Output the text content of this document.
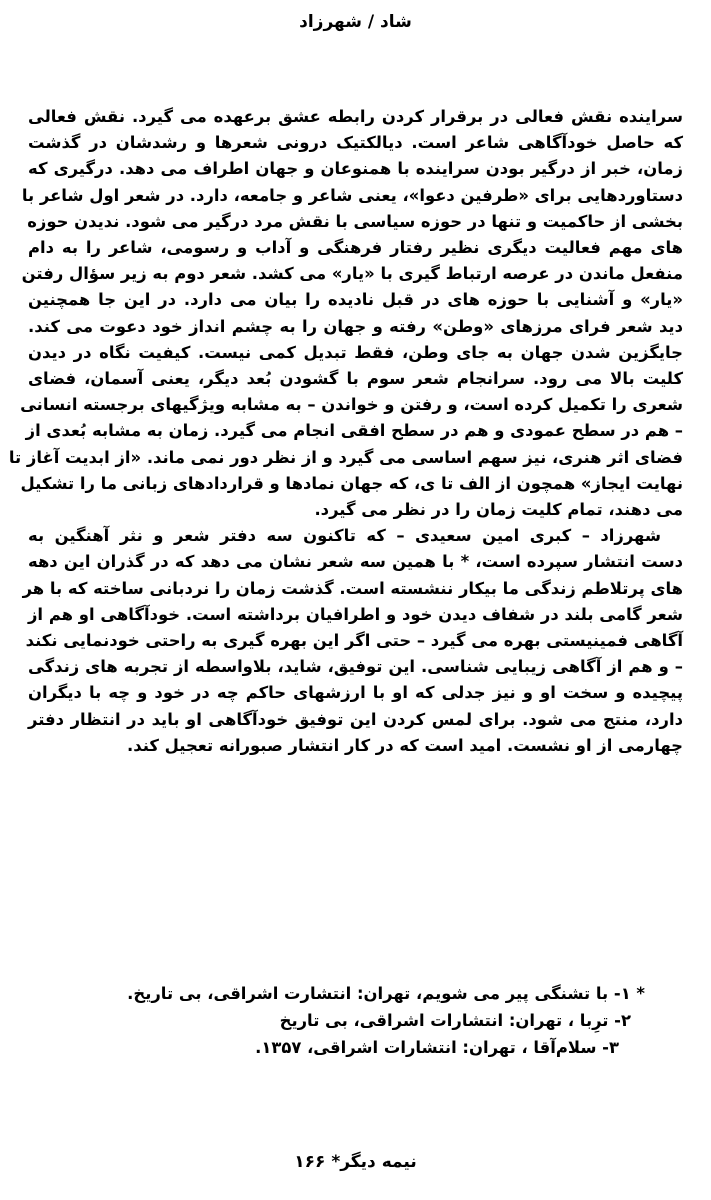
شاد / شهرزاد
سراینده نقش فعالی در برقرار کردن رابطه عشق برعهده می گیرد. نقش فعالی
که حاصل خودآگاهی شاعر است. دیالکتیک درونی شعرها و رشدشان در گذشت
زمان، خبر از درگیر بودن سراینده با همنوعان و جهان اطراف می دهد. درگیری که
دستاوردهایی برای «طرفین دعوا»، یعنی شاعر و جامعه، دارد. در شعر اول شاعر با
بخشی از حاکمیت و تنها در حوزه سیاسی با نقش مرد درگیر می شود. ندیدن حوزه
های مهم فعالیت دیگری نظیر رفتار فرهنگی و آداب و رسومی، شاعر را به دام
منفعل ماندن در عرصه ارتباط گیری با «یار» می کشد. شعر دوم به زیر سؤال رفتن
«یار» و آشنایی با حوزه های در قبل نادیده را بیان می دارد. در این جا همچنین
دید شعر فرای مرزهای «وطن» رفته و جهان را به چشم انداز خود دعوت می کند.
جایگزین شدن جهان به جای وطن، فقط تبدیل کمی نیست. کیفیت نگاه در دیدن
کلیت بالا می رود. سرانجام شعر سوم با گشودن بُعد دیگر، یعنی آسمان، فضای
شعری را تکمیل کرده است، و رفتن و خواندن – به مشابه ویژگیهای برجسته انسانی
– هم در سطح عمودی و هم در سطح افقی انجام می گیرد. زمان به مشابه بُعدی از
فضای اثر هنری، نیز سهم اساسی می گیرد و از نظر دور نمی ماند. «از ابدیت آغاز تا
نهایت ایجاز» همچون از الف تا ی، که جهان نمادها و قراردادهای زبانی ما را تشکیل
می دهند، تمام کلیت زمان را در نظر می گیرد.
شهرزاد – کبری امین سعیدی – که تاکنون سه دفتر شعر و نثر آهنگین به
دست انتشار سپرده است، * با همین سه شعر نشان می دهد که در گذران این دهه
های پرتلاطم زندگی ما بیکار ننشسته است. گذشت زمان را نردبانی ساخته که با هر
شعر گامی بلند در شفاف دیدن خود و اطرافیان برداشته است. خودآگاهی او هم از
آگاهی فمینیستی بهره می گیرد – حتی اگر این بهره گیری به راحتی خودنمایی نکند
– و هم از آگاهی زیبایی شناسی. این توفیق، شاید، بلاواسطه از تجربه های زندگی
پیچیده و سخت او و نیز جدلی که او با ارزشهای حاکم چه در خود و چه با دیگران
دارد، منتج می شود. برای لمس کردن این توفیق خودآگاهی او باید در انتظار دفتر
چهارمی از او نشست. امید است که در کار انتشار صبورانه تعجیل کند.
* ۱- با تشنگی پیر می شویم، تهران: انتشارت اشراقی، بی تاریخ.
۲- ترِبا ، تهران: انتشارات اشراقی، بی تاریخ
۳- سلام‌آقا ، تهران: انتشارات اشراقی، ۱۳۵۷.
نیمه دیگر* ۱۶۶
